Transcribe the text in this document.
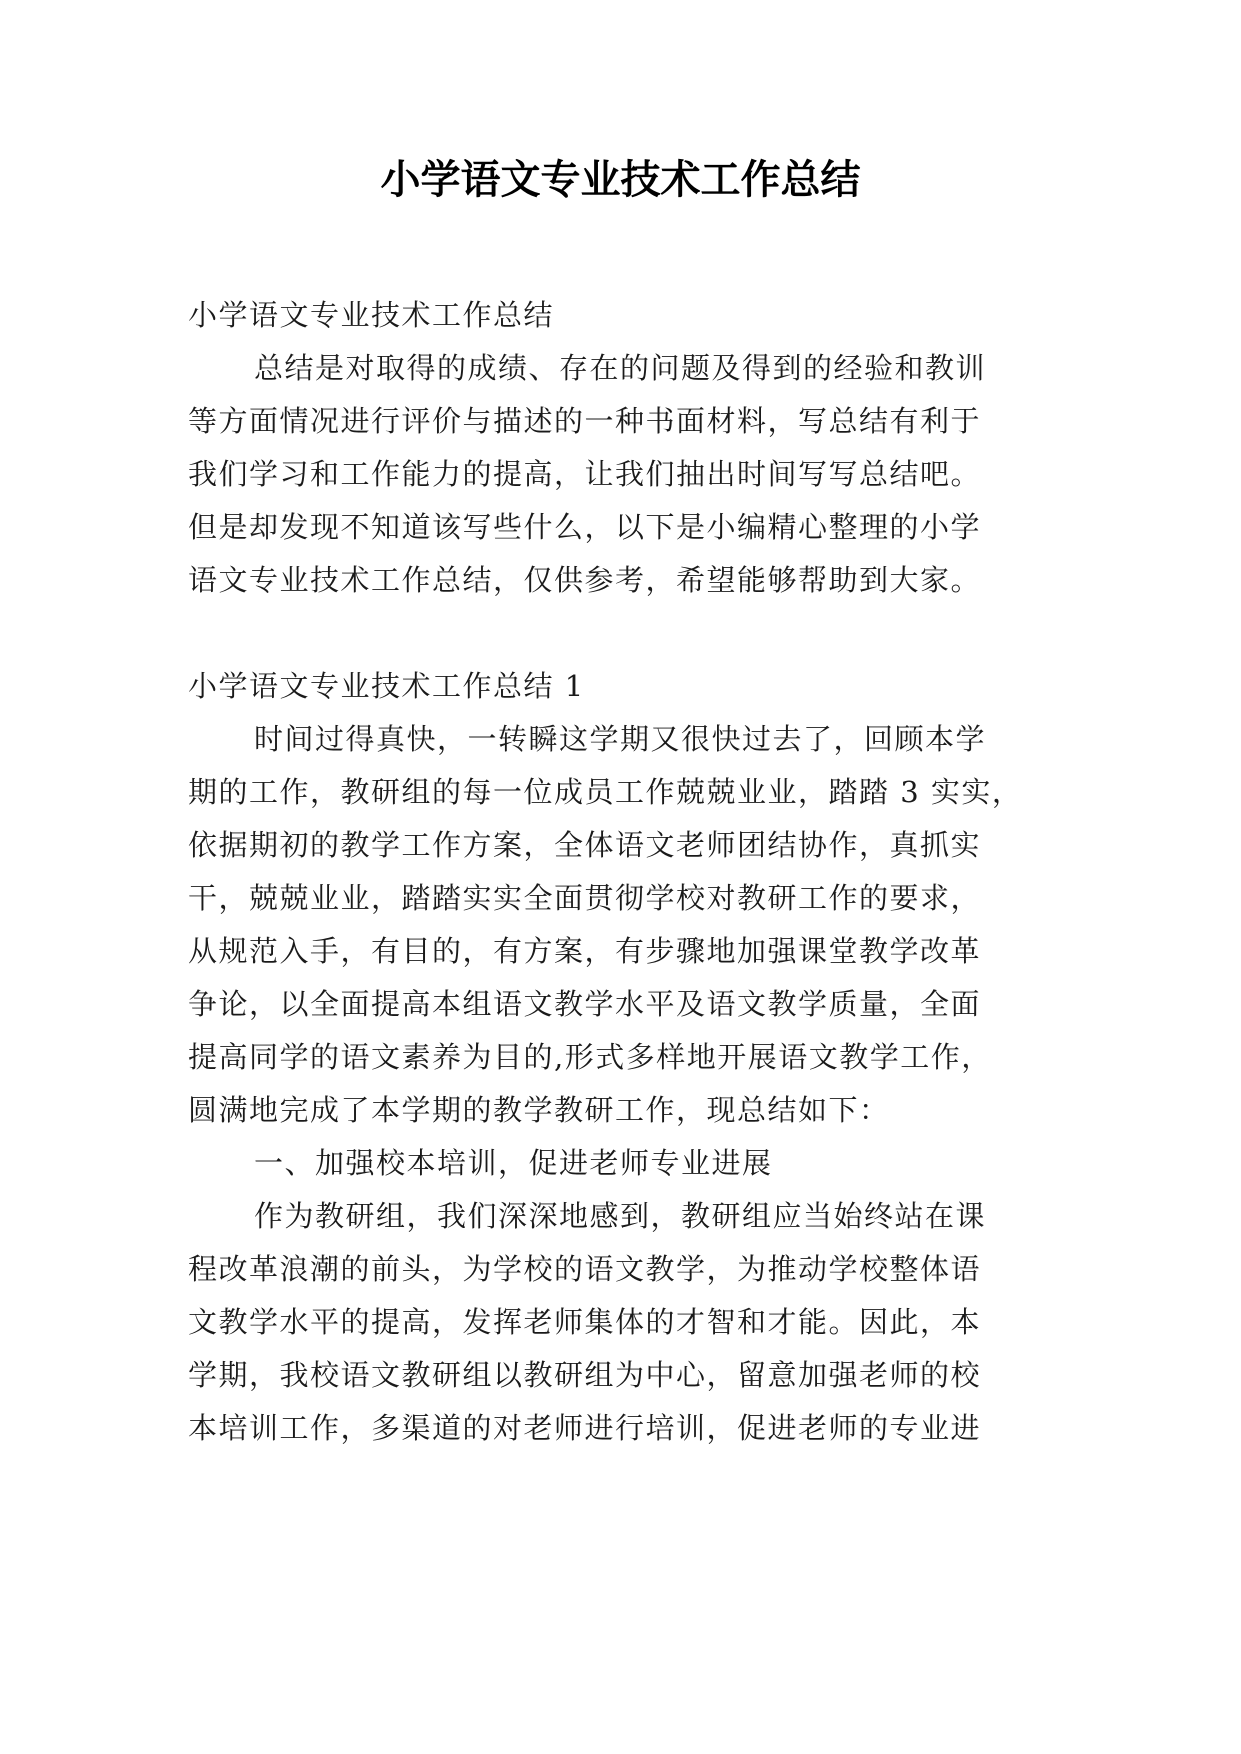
小学语文专业技术工作总结
小学语文专业技术工作总结
总结是对取得的成绩、存在的问题及得到的经验和教训
等方面情况进行评价与描述的一种书面材料，写总结有利于
我们学习和工作能力的提高，让我们抽出时间写写总结吧。
但是却发现不知道该写些什么，以下是小编精心整理的小学
语文专业技术工作总结，仅供参考，希望能够帮助到大家。
小学语文专业技术工作总结 1
时间过得真快，一转瞬这学期又很快过去了，回顾本学
期的工作，教研组的每一位成员工作兢兢业业，踏踏 3 实实，
依据期初的教学工作方案，全体语文老师团结协作，真抓实
干，兢兢业业，踏踏实实全面贯彻学校对教研工作的要求，
从规范入手，有目的，有方案，有步骤地加强课堂教学改革
争论，以全面提高本组语文教学水平及语文教学质量，全面
提高同学的语文素养为目的,形式多样地开展语文教学工作，
圆满地完成了本学期的教学教研工作，现总结如下：
一、加强校本培训，促进老师专业进展
作为教研组，我们深深地感到，教研组应当始终站在课
程改革浪潮的前头，为学校的语文教学，为推动学校整体语
文教学水平的提高，发挥老师集体的才智和才能。因此，本
学期，我校语文教研组以教研组为中心，留意加强老师的校
本培训工作，多渠道的对老师进行培训，促进老师的专业进
